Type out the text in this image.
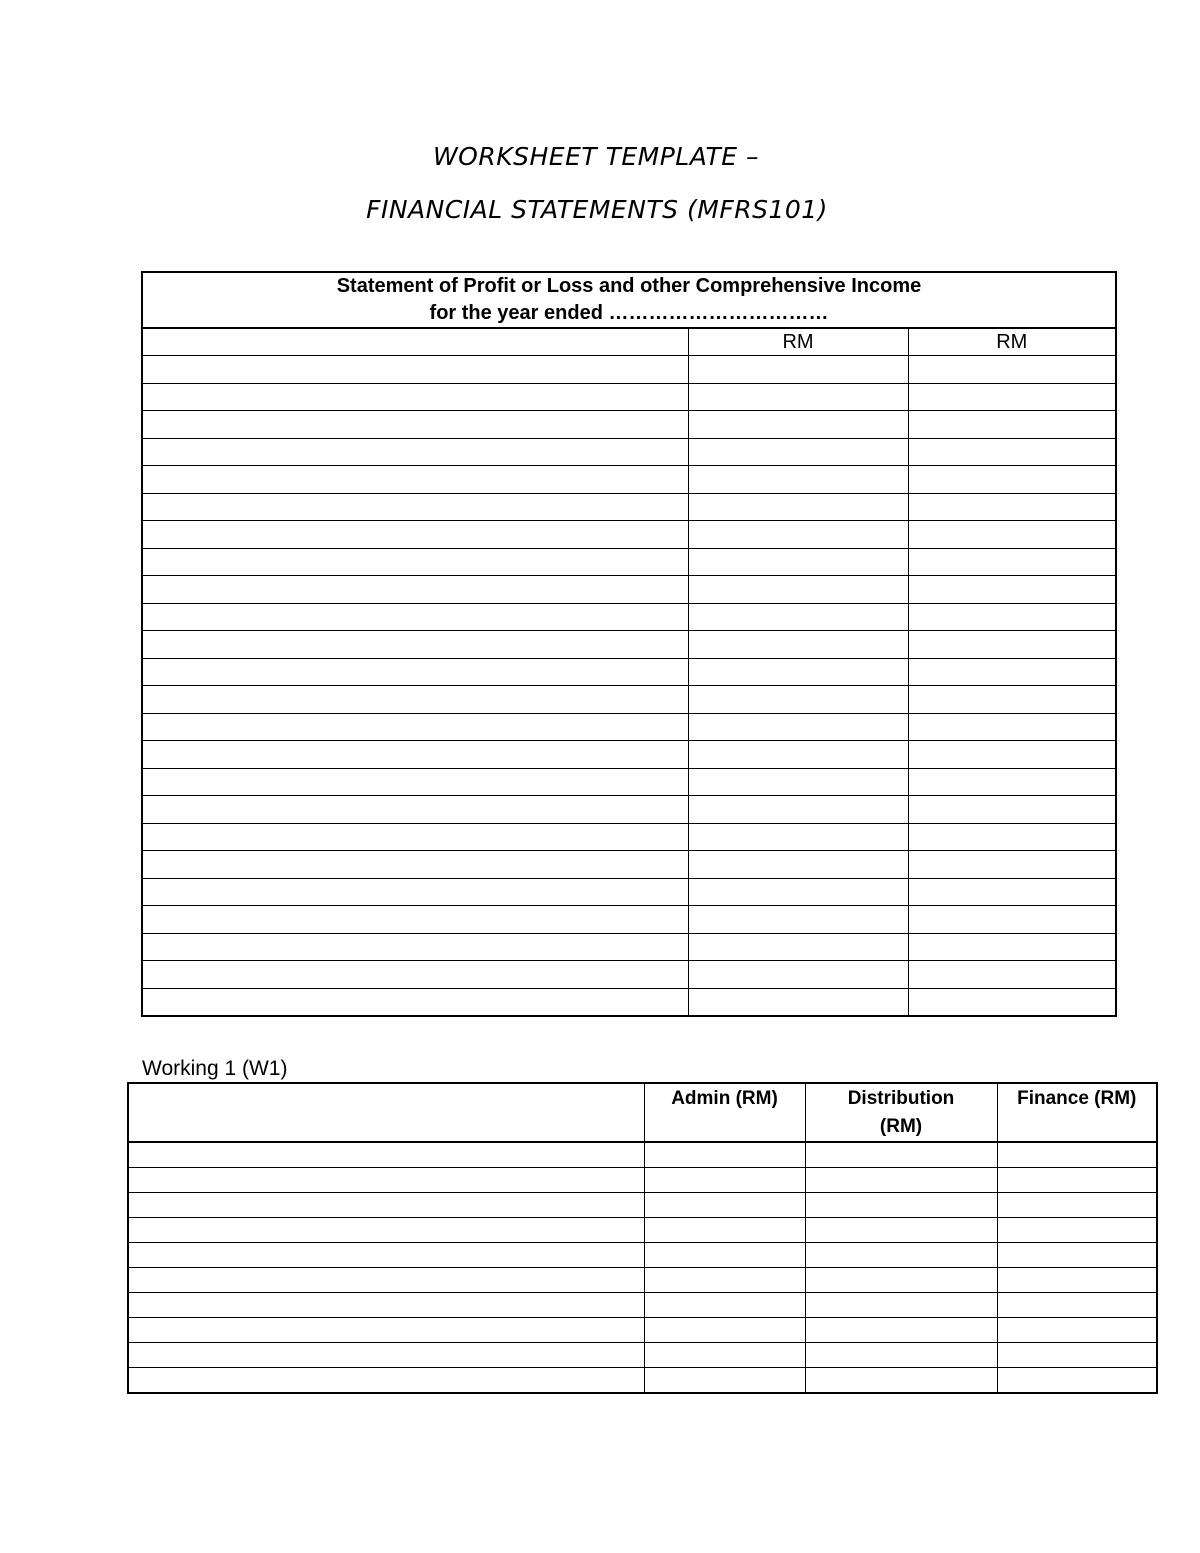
WORKSHEET TEMPLATE –
FINANCIAL STATEMENTS (MFRS101)
Statement of Profit or Loss and other Comprehensive Income
for the year ended ……………………………		

	RM	RM

Working 1 (W1)
	Admin (RM)	Distribution (RM)	Finance (RM)
